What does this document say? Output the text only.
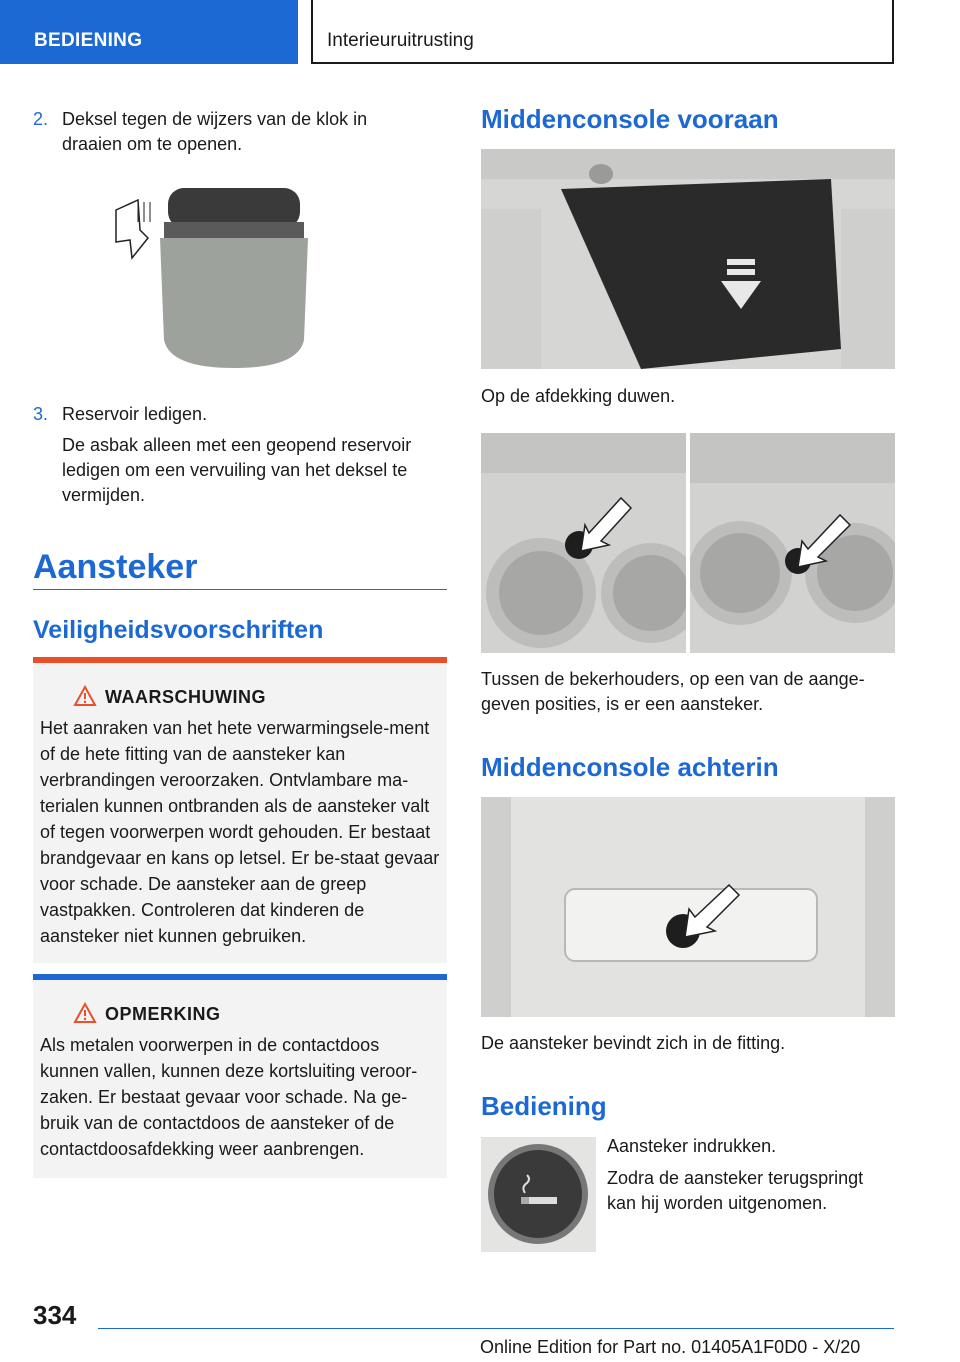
BEDIENING	Interieuruitrusting
2. Deksel tegen de wijzers van de klok in draaien om te openen.
3. Reservoir ledigen.
De asbak alleen met een geopend reservoir ledigen om een vervuiling van het deksel te vermijden.
Aansteker
Veiligheidsvoorschriften
WAARSCHUWING
Het aanraken van het hete verwarmingsele-ment of de hete fitting van de aansteker kan verbrandingen veroorzaken. Ontvlambare ma-terialen kunnen ontbranden als de aansteker valt of tegen voorwerpen wordt gehouden. Er bestaat brandgevaar en kans op letsel. Er be-staat gevaar voor schade. De aansteker aan de greep vastpakken. Controleren dat kinderen de aansteker niet kunnen gebruiken.
OPMERKING
Als metalen voorwerpen in de contactdoos kunnen vallen, kunnen deze kortsluiting veroor-zaken. Er bestaat gevaar voor schade. Na ge-bruik van de contactdoos de aansteker of de contactdoosafdekking weer aanbrengen.
Middenconsole vooraan
Op de afdekking duwen.
Tussen de bekerhouders, op een van de aange-geven posities, is er een aansteker.
Middenconsole achterin
De aansteker bevindt zich in de fitting.
Bediening
Aansteker indrukken.
Zodra de aansteker terugspringt kan hij worden uitgenomen.
334
Online Edition for Part no. 01405A1F0D0 - X/20
